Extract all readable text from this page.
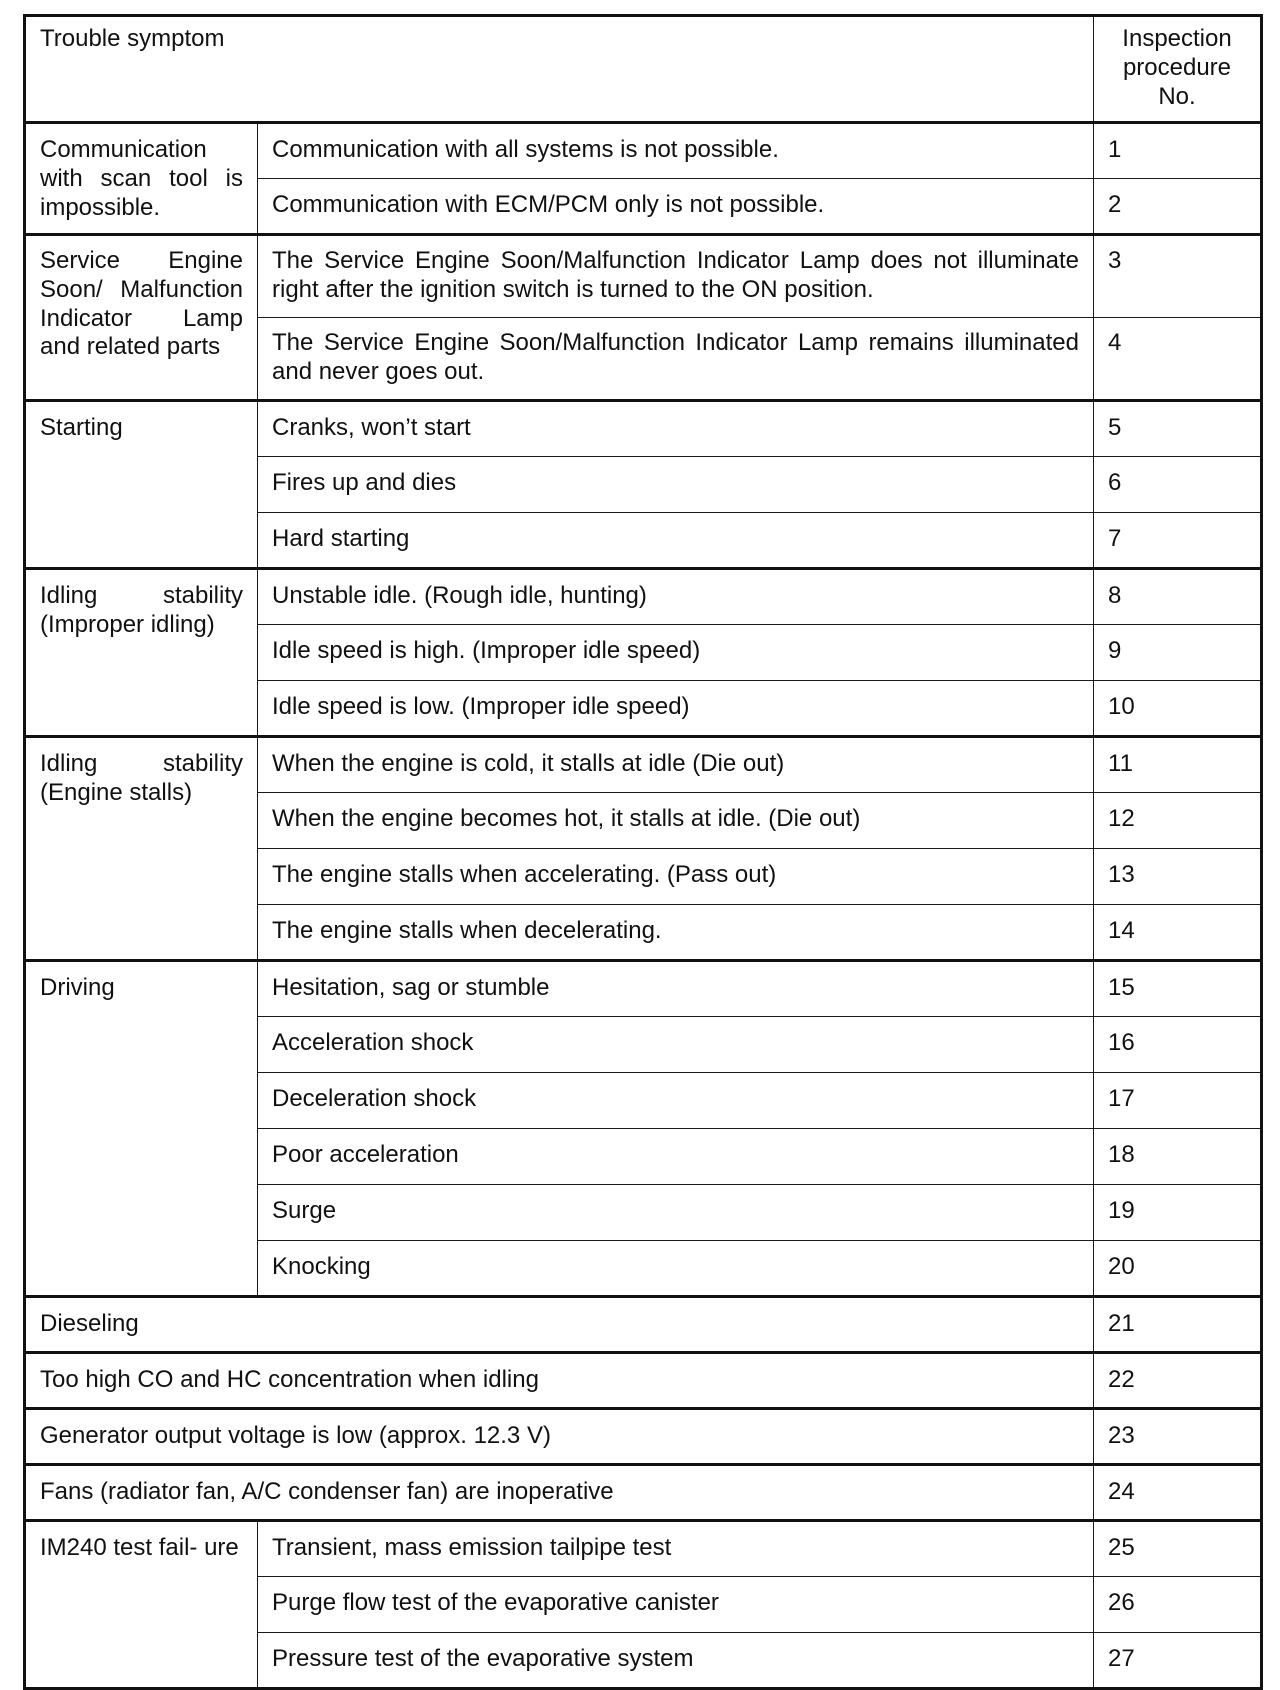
Trouble symptom		Inspection procedure No.
Communication with scan tool is impossible.	Communication with all systems is not possible.	1
	Communication with ECM/PCM only is not possible.	2
Service Engine Soon/ Malfunction Indicator Lamp and related parts	The Service Engine Soon/Malfunction Indicator Lamp does not illuminate right after the ignition switch is turned to the ON position.	3
	The Service Engine Soon/Malfunction Indicator Lamp remains illuminated and never goes out.	4
Starting	Cranks, won’t start	5
	Fires up and dies	6
	Hard starting	7
Idling stability (Improper idling)	Unstable idle. (Rough idle, hunting)	8
	Idle speed is high. (Improper idle speed)	9
	Idle speed is low. (Improper idle speed)	10
Idling stability (Engine stalls)	When the engine is cold, it stalls at idle (Die out)	11
	When the engine becomes hot, it stalls at idle. (Die out)	12
	The engine stalls when accelerating. (Pass out)	13
	The engine stalls when decelerating.	14
Driving	Hesitation, sag or stumble	15
	Acceleration shock	16
	Deceleration shock	17
	Poor acceleration	18
	Surge	19
	Knocking	20
Dieseling		21
Too high CO and HC concentration when idling		22
Generator output voltage is low (approx. 12.3 V)		23
Fans (radiator fan, A/C condenser fan) are inoperative		24
IM240 test fail- ure	Transient, mass emission tailpipe test	25
	Purge flow test of the evaporative canister	26
	Pressure test of the evaporative system	27
